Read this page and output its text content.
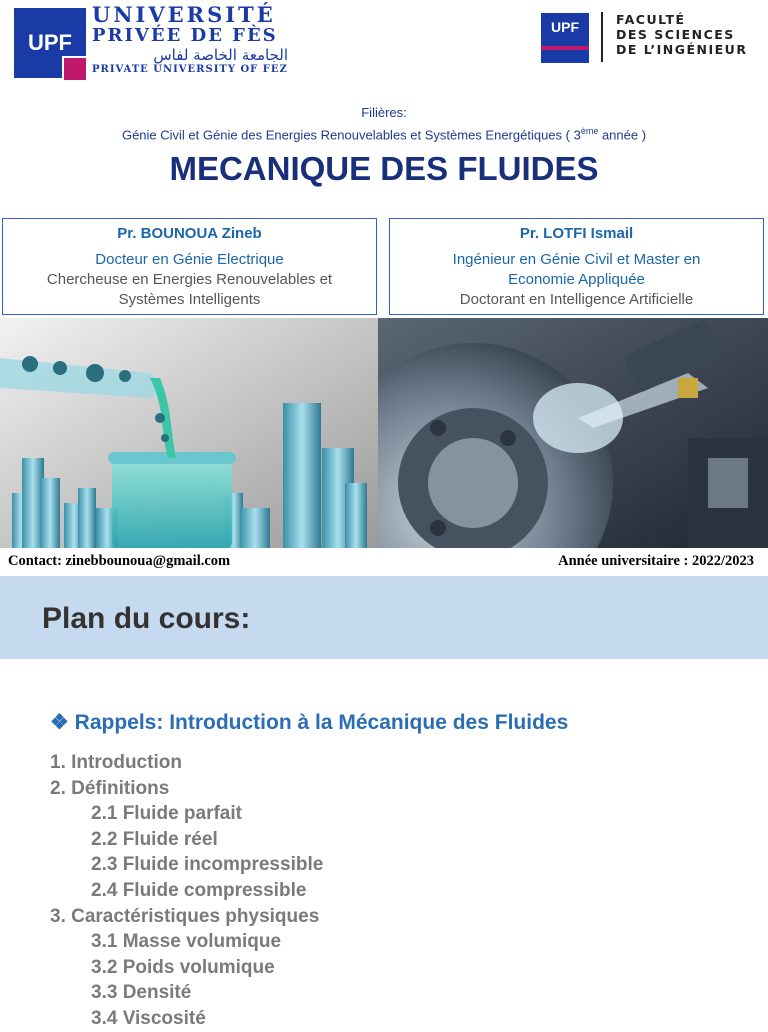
UPF
UNIVERSITÉ
PRIVÉE DE FÈS
الجامعة الخاصة لفاس
PRIVATE UNIVERSITY OF FEZ
UPF	FACULTÉ
DES SCIENCES
DE L’INGÉNIEUR
Filières:
Génie Civil et Génie des Energies Renouvelables et Systèmes Energétiques ( 3ème année )
MECANIQUE DES FLUIDES
Pr. BOUNOUA Zineb
Docteur en Génie Electrique
Chercheuse en Energies Renouvelables et
Systèmes Intelligents
Pr. LOTFI Ismail
Ingénieur en Génie Civil et Master en
Economie Appliquée
Doctorant en Intelligence Artificielle
Contact: zinebbounoua@gmail.com	Année universitaire : 2022/2023
Plan du cours:
❖ Rappels: Introduction à la Mécanique des Fluides
1. Introduction
2. Définitions
2.1 Fluide parfait
2.2 Fluide réel
2.3 Fluide incompressible
2.4 Fluide compressible
3. Caractéristiques physiques
3.1 Masse volumique
3.2 Poids volumique
3.3 Densité
3.4 Viscosité
